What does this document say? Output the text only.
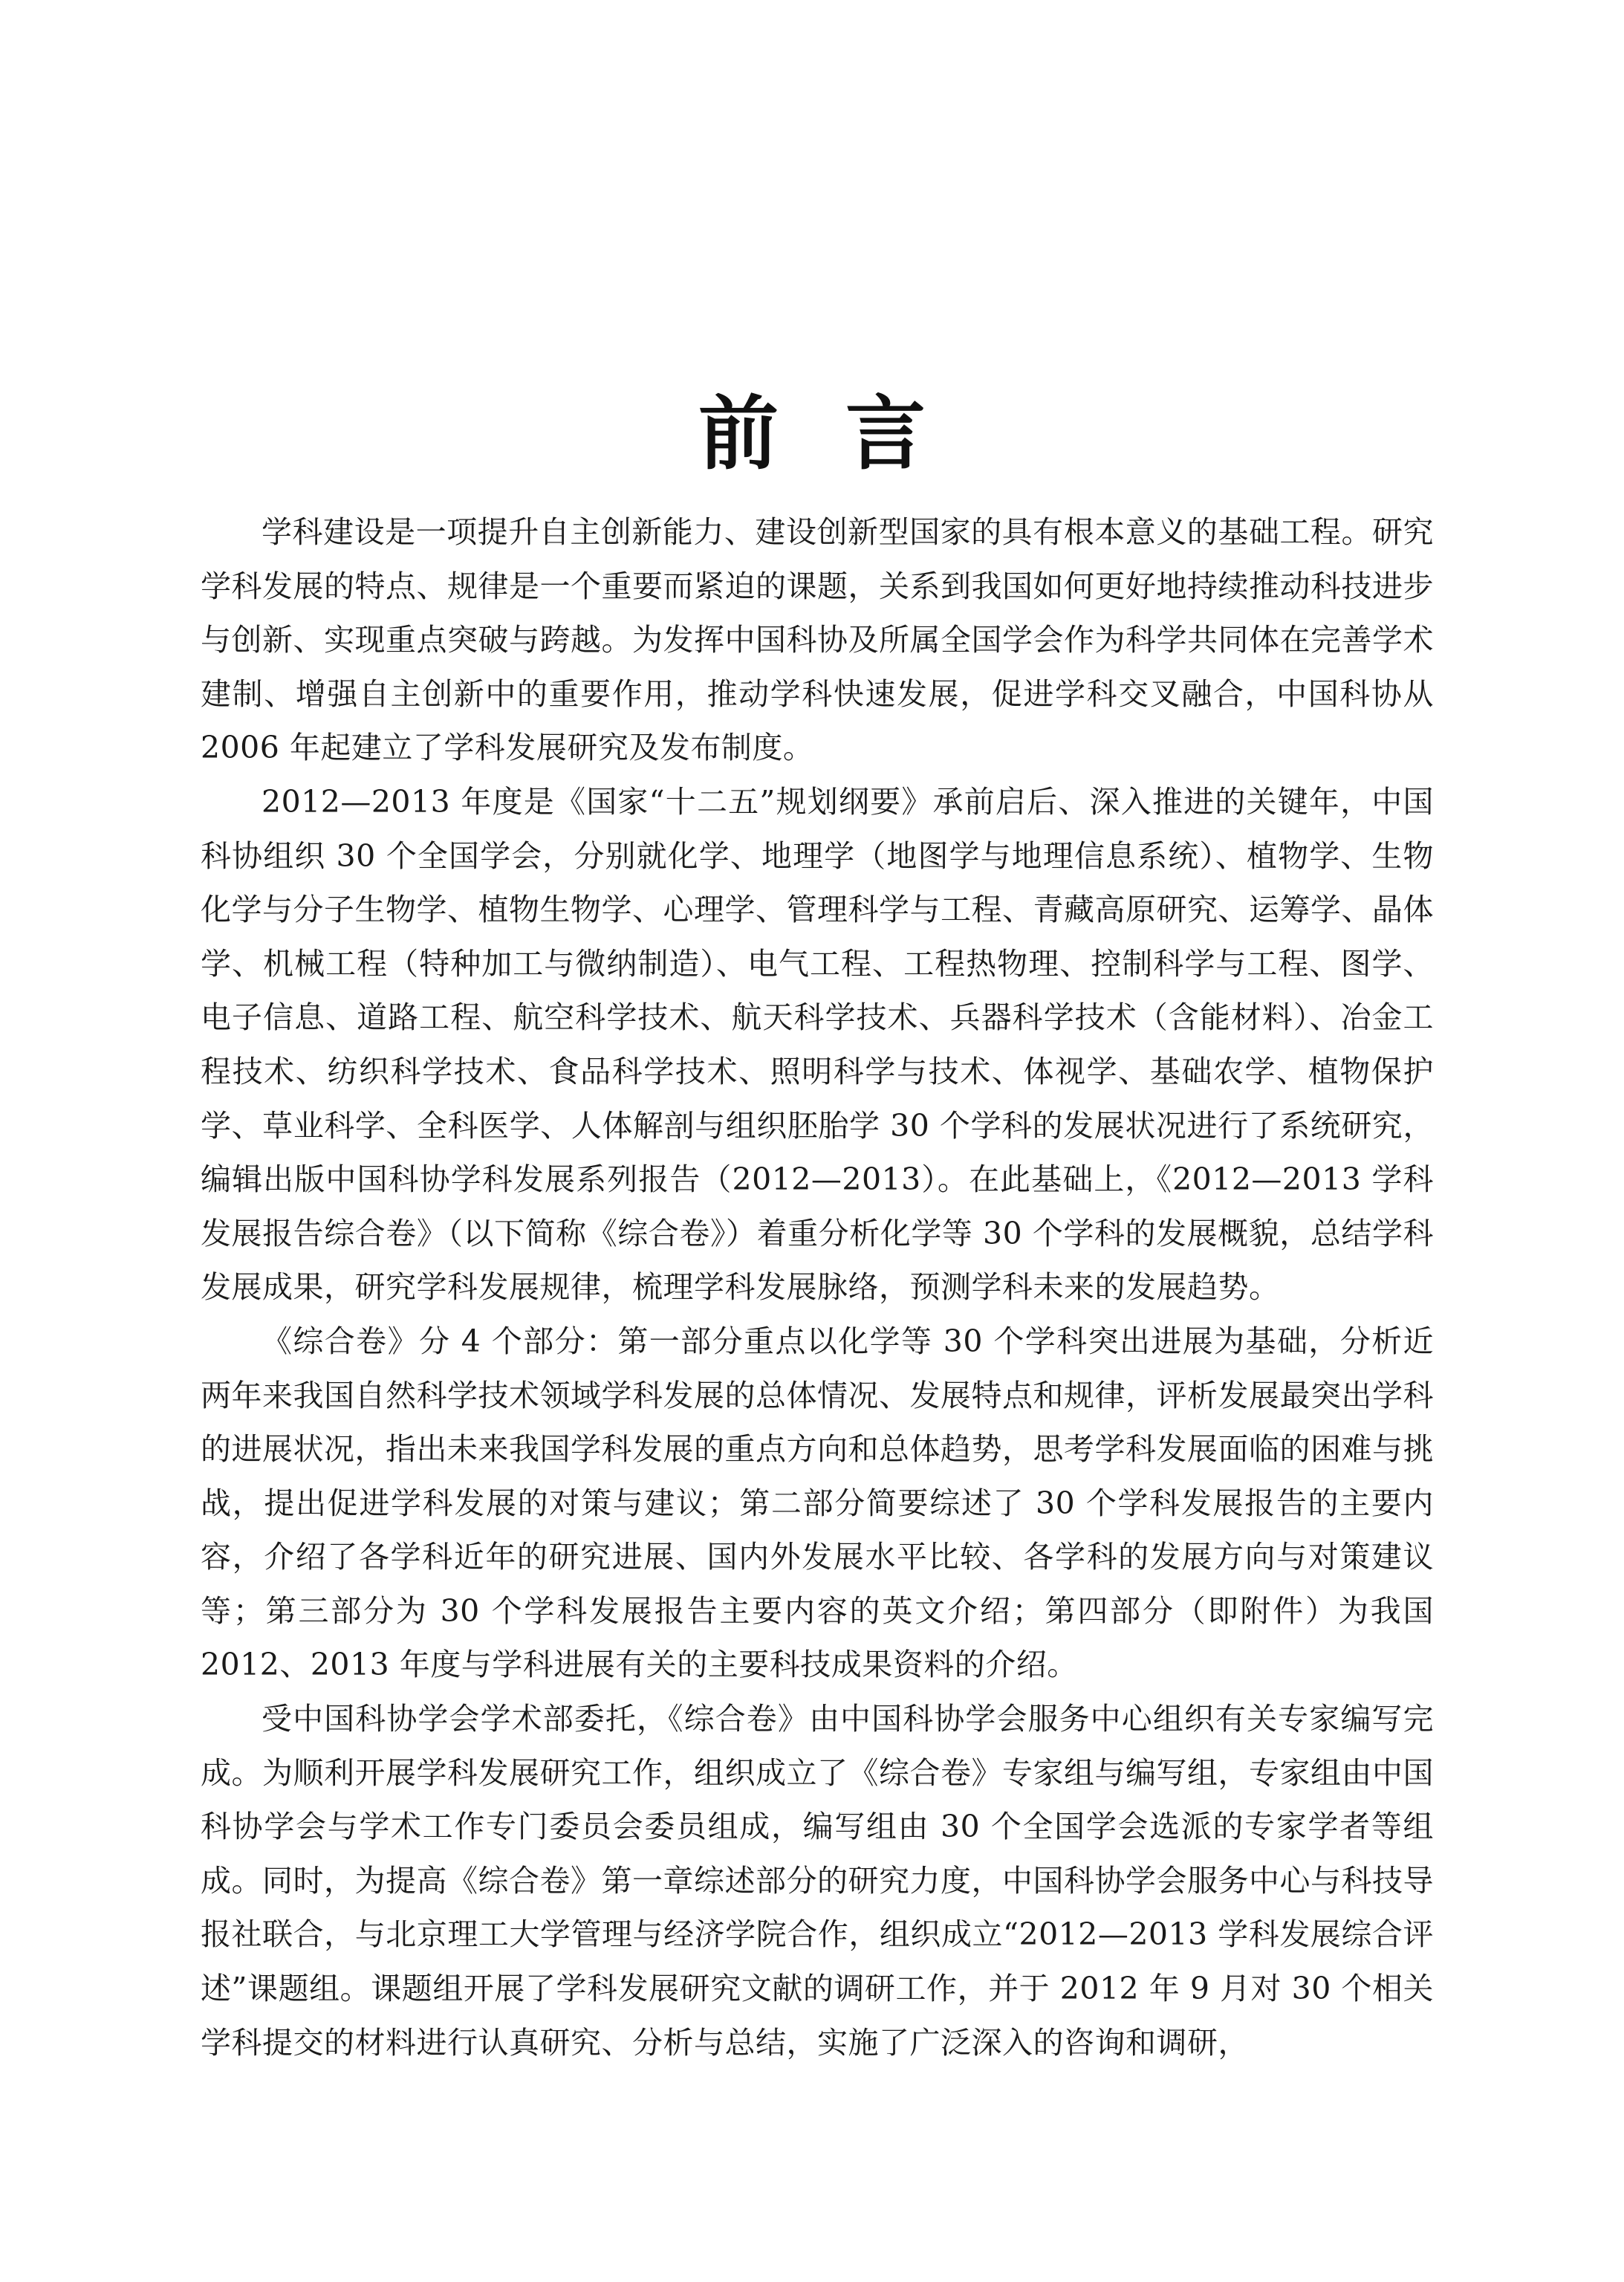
前 言

学科建设是一项提升自主创新能力、建设创新型国家的具有根本意义的基础工程。研究学科发展的特点、规律是一个重要而紧迫的课题，关系到我国如何更好地持续推动科技进步与创新、实现重点突破与跨越。为发挥中国科协及所属全国学会作为科学共同体在完善学术建制、增强自主创新中的重要作用，推动学科快速发展，促进学科交叉融合，中国科协从 2006 年起建立了学科发展研究及发布制度。

2012—2013 年度是《国家“十二五”规划纲要》承前启后、深入推进的关键年，中国科协组织 30 个全国学会，分别就化学、地理学（地图学与地理信息系统）、植物学、生物化学与分子生物学、植物生物学、心理学、管理科学与工程、青藏高原研究、运筹学、晶体学、机械工程（特种加工与微纳制造）、电气工程、工程热物理、控制科学与工程、图学、电子信息、道路工程、航空科学技术、航天科学技术、兵器科学技术（含能材料）、冶金工程技术、纺织科学技术、食品科学技术、照明科学与技术、体视学、基础农学、植物保护学、草业科学、全科医学、人体解剖与组织胚胎学 30 个学科的发展状况进行了系统研究，编辑出版中国科协学科发展系列报告（2012—2013）。在此基础上，《2012—2013 学科发展报告综合卷》（以下简称《综合卷》）着重分析化学等 30 个学科的发展概貌，总结学科发展成果，研究学科发展规律，梳理学科发展脉络，预测学科未来的发展趋势。

《综合卷》分 4 个部分：第一部分重点以化学等 30 个学科突出进展为基础，分析近两年来我国自然科学技术领域学科发展的总体情况、发展特点和规律，评析发展最突出学科的进展状况，指出未来我国学科发展的重点方向和总体趋势，思考学科发展面临的困难与挑战，提出促进学科发展的对策与建议；第二部分简要综述了 30 个学科发展报告的主要内容，介绍了各学科近年的研究进展、国内外发展水平比较、各学科的发展方向与对策建议等；第三部分为 30 个学科发展报告主要内容的英文介绍；第四部分（即附件）为我国 2012、2013 年度与学科进展有关的主要科技成果资料的介绍。

受中国科协学会学术部委托，《综合卷》由中国科协学会服务中心组织有关专家编写完成。为顺利开展学科发展研究工作，组织成立了《综合卷》专家组与编写组，专家组由中国科协学会与学术工作专门委员会委员组成，编写组由 30 个全国学会选派的专家学者等组成。同时，为提高《综合卷》第一章综述部分的研究力度，中国科协学会服务中心与科技导报社联合，与北京理工大学管理与经济学院合作，组织成立“2012—2013 学科发展综合评述”课题组。课题组开展了学科发展研究文献的调研工作，并于 2012 年 9 月对 30 个相关学科提交的材料进行认真研究、分析与总结，实施了广泛深入的咨询和调研，
